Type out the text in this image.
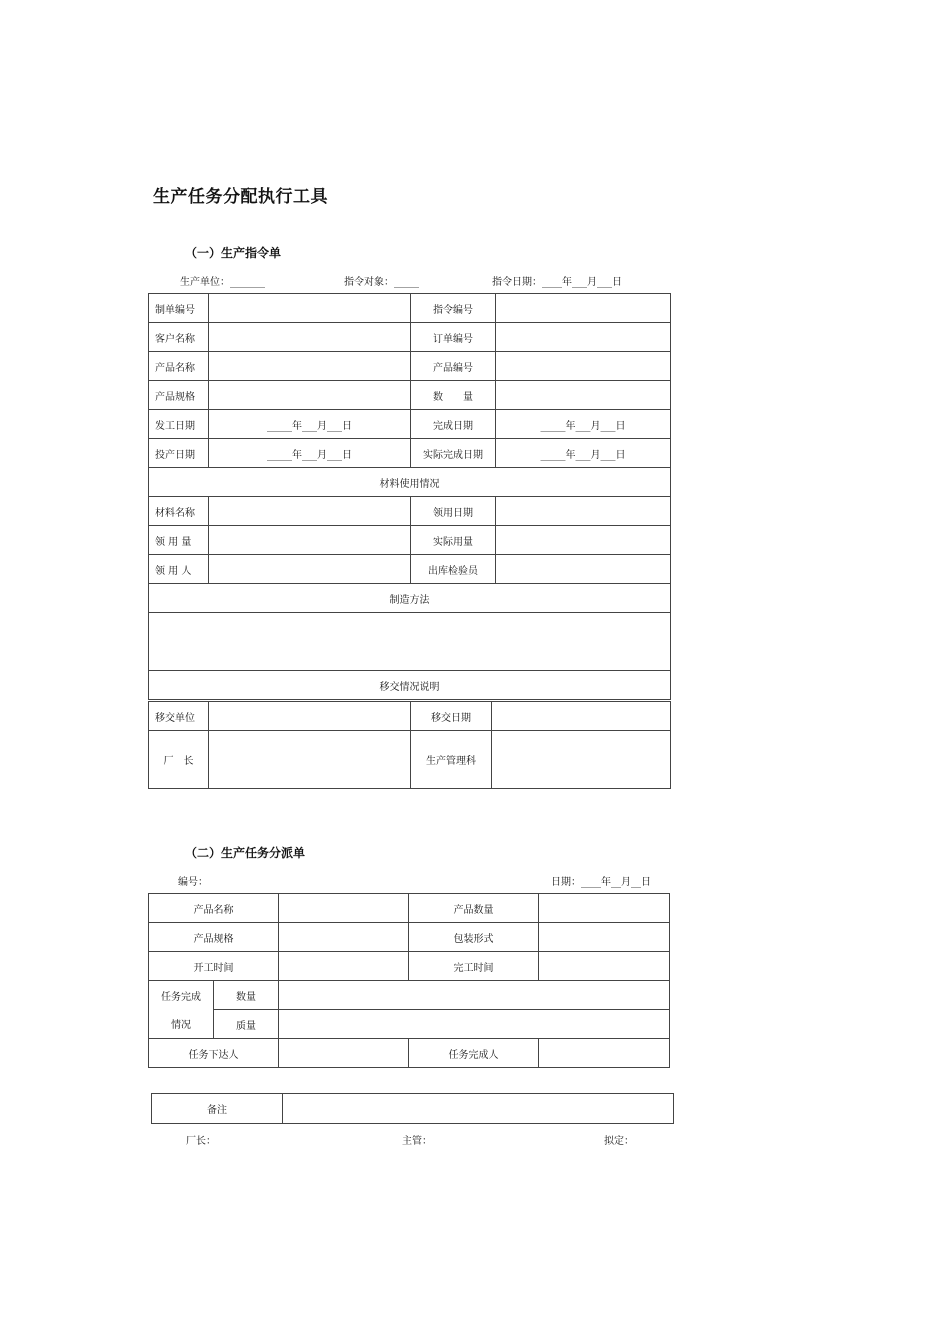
生产任务分配执行工具
（一）生产指令单
生产单位：_______	指令对象：_____	指令日期：____年___月___日
制单编号		指令编号	
客户名称		订单编号	
产品名称		产品编号	
产品规格		数　　量	
发工日期	_____年___月___日	完成日期	_____年___月___日
投产日期	_____年___月___日	实际完成日期	_____年___月___日
材料使用情况			
材料名称		领用日期	
领 用 量		实际用量	
领 用 人		出库检验员	
制造方法			

移交情况说明			
移交单位		移交日期	
厂　长		生产管理科	
（二）生产任务分派单
编号：	日期：____年__月__日
产品名称			产品数量	
产品规格			包装形式	
开工时间			完工时间	
任务完成	数量			
情况	质量			
任务下达人			任务完成人	
备注	
厂长：	主管：	拟定：
